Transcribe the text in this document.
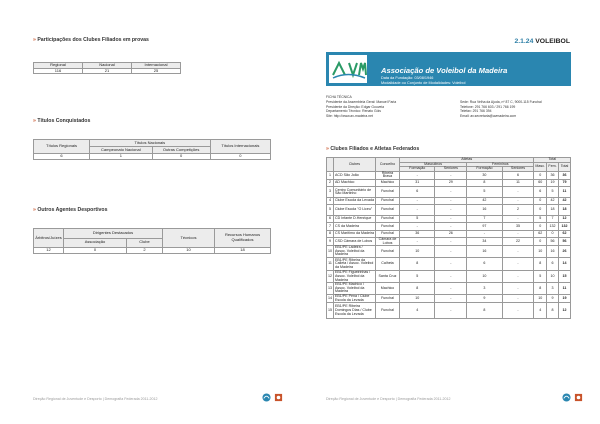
» Participações dos Clubes Filiados em provas
Regional	Nacional	Internacional
116	21	25
» Títulos Conquistados
Títulos Regionais	Títulos Nacionais		Títulos Internacionais
	Campeonato Nacional	Outras Competições	
6	1	0	0
» Outros Agentes Desportivos
Árbitros/Juízes	Dirigentes Destacados		Técnicos	Recursos Humanos Qualificados
	Associação	Clube		
12	0	2	10	18
Direção Regional de Juventude e Desporto | Demografia Federada 2011-2012
2.1.24 VOLEIBOL
Associação de Voleibol da Madeira
Data da Fundação: 03/08/1946
Modalidade ou Conjunto de Modalidades: Voleibol
FICHA TÉCNICA
Presidente da Assembleia Geral: Manuel Faria
Presidente da Direção: Edgar Gouveia
Departamento Técnico: Renato Góis
Site: http://www.av-madeira.net
Sede: Rua Velha da Ajuda, nº 87 C, 9000-115 Funchal
Telefone: 291 766 603 / 291 766 199
Telefax: 291 766 394
Email: av.secretaria@avmadeira.com
» Clubes Filiados e Atletas Federados
	Clubes	Concelho	Atletas				Total		
			Masculinos		Femininos		Masc.	Fem.	Total
			Formação	Seniores	Formação	Seniores			
1	ACD São João	Ribeira Brava	-	-	30	6	0	36	36
2	AD Machico	Machico	31	29	8	11	60	19	79
3	Centro Comunitário de São Martinho	Funchal	6	-	5	-	6	5	11
4	Clube Escola da Levada	Funchal	-	-	42	-	0	42	42
5	Clube Escola "O Liceu"	Funchal	-	-	16	2	0	18	18
6	CD Infante D.Henrique	Funchal	5	-	7	-	5	7	12
7	CS da Madeira	Funchal	-	-	97	35	0	132	132
8	CS Marítimo da Madeira	Funchal	36	26	-	-	62	0	62
9	CSD Câmara de Lobos	Câmara de Lobos	-	-	34	22	0	56	56
10	EB1/PE Ladeira / Assoc. Voleibol da Madeira	Funchal	10	-	16	-	10	16	26
11	EB1/PE Ribeira da Caileta / Assoc. Voleibol da Madeira	Calheta	8	-	6	-	8	6	14
12	EB1/PE Figueirinhas / Assoc. Voleibol da Madeira	Santa Cruz	5	-	10	-	5	10	15
13	EB1/PE Machico / Assoc. Voleibol da Madeira	Machico	8	-	3	-	8	3	11
14	EB1/PE Pena / Clube Escola da Levada	Funchal	10	-	9	-	10	9	19
15	EB1/PE Ribeira Domingos Dias / Clube Escola da Levada	Funchal	4	-	8	-	4	8	12
Direção Regional de Juventude e Desporto | Demografia Federada 2011-2012
